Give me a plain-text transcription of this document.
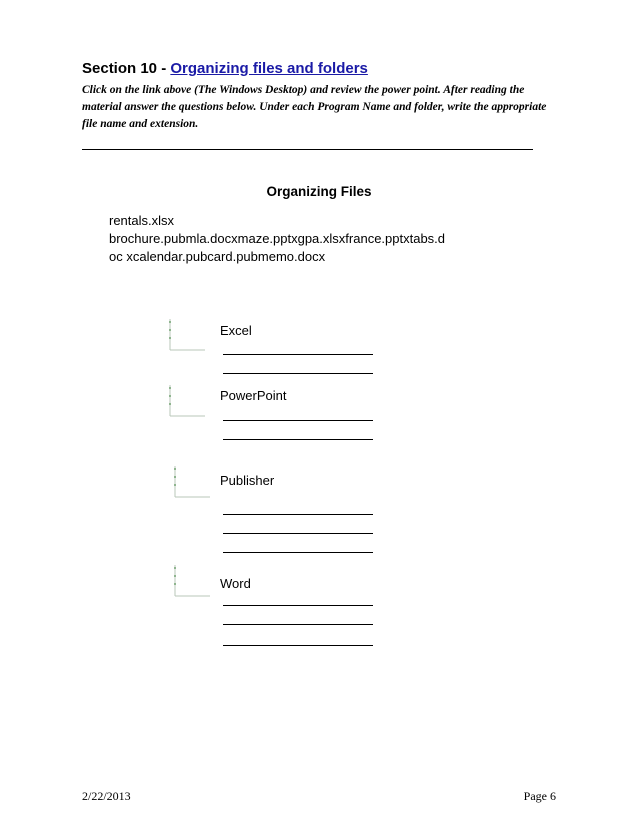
Section 10 - Organizing files and folders
Click on the link above (The Windows Desktop) and review the power point. After reading the material answer the questions below. Under each Program Name and folder, write the appropriate file name and extension.
Organizing Files
rentals.xlsx
brochure.pubmla.docxmaze.pptxgpa.xlsxfrance.pptxtabs.d
oc xcalendar.pubcard.pubmemo.docx
Excel
PowerPoint
Publisher
Word
2/22/2013	Page 6
